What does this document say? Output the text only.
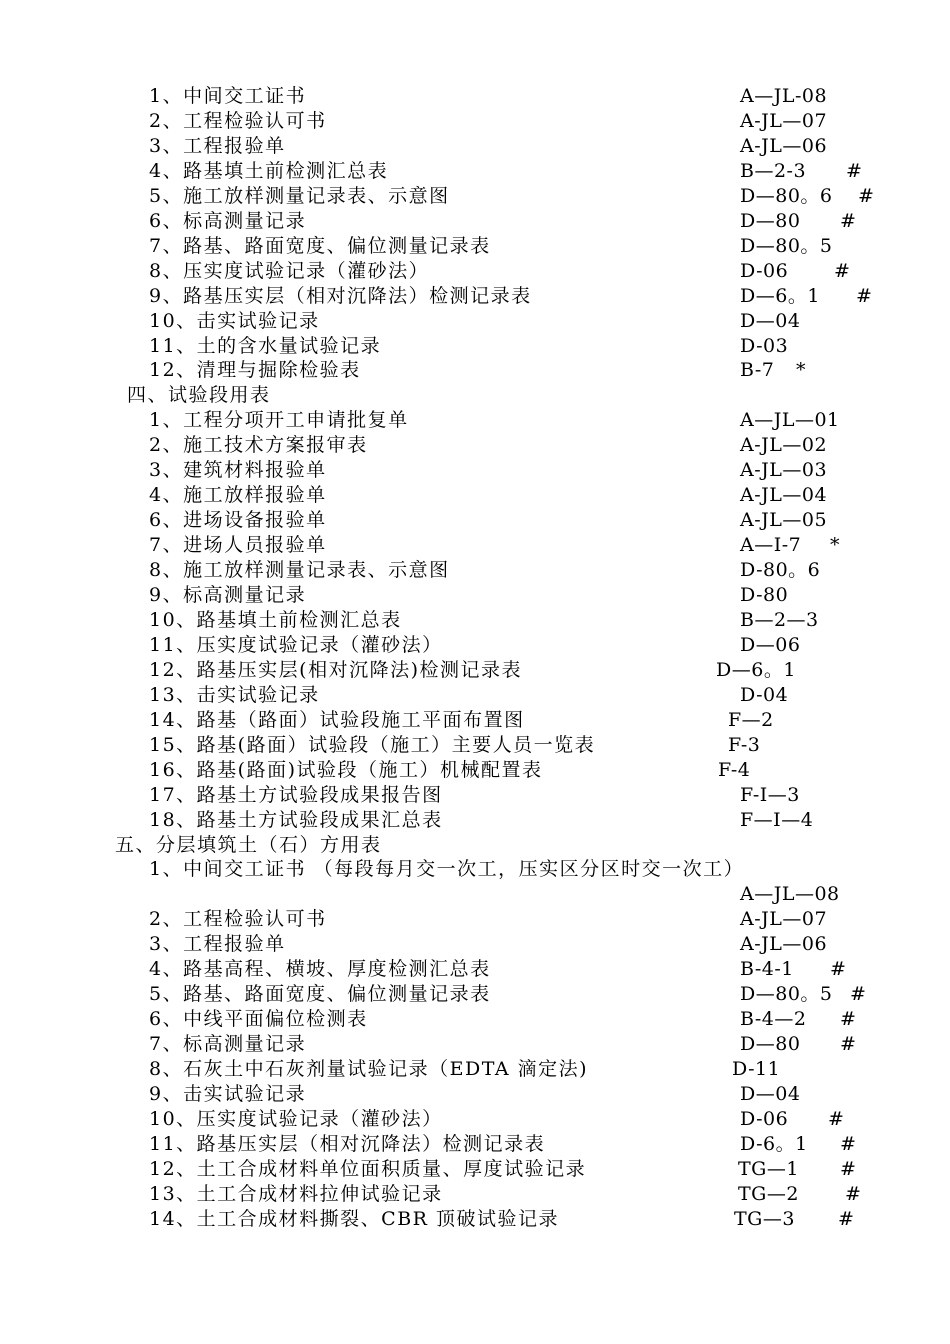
1、中间交工证书	A—JL-08
2、工程检验认可书	A-JL—07
3、工程报验单	A-JL—06
4、路基填土前检测汇总表	B—2-3 #
5、施工放样测量记录表、示意图	D—80。6 #
6、标高测量记录	D—80 #
7、路基、路面宽度、偏位测量记录表	D—80。5
8、压实度试验记录（灌砂法）	D-06 #
9、路基压实层（相对沉降法）检测记录表	D—6。1 #
10、击实试验记录	D—04
11、土的含水量试验记录	D-03
12、清理与掘除检验表	B-7 *
四、试验段用表
1、工程分项开工申请批复单	A—JL—01
2、施工技术方案报审表	A-JL—02
3、建筑材料报验单	A-JL—03
4、施工放样报验单	A-JL—04
6、进场设备报验单	A-JL—05
7、进场人员报验单	A—I-7 *
8、施工放样测量记录表、示意图	D-80。6
9、标高测量记录	D-80
10、路基填土前检测汇总表	B—2—3
11、压实度试验记录（灌砂法）	D—06
12、路基压实层(相对沉降法)检测记录表	D—6。1
13、击实试验记录	D-04
14、路基（路面）试验段施工平面布置图	F—2
15、路基(路面）试验段（施工）主要人员一览表	F-3
16、路基(路面)试验段（施工）机械配置表	F-4
17、路基土方试验段成果报告图	F-I—3
18、路基土方试验段成果汇总表	F—I—4
五、分层填筑土（石）方用表
1、中间交工证书 （每段每月交一次工，压实区分区时交一次工）
A—JL—08
2、工程检验认可书	A-JL—07
3、工程报验单	A-JL—06
4、路基高程、横坡、厚度检测汇总表	B-4-1 #
5、路基、路面宽度、偏位测量记录表	D—80。5 #
6、中线平面偏位检测表	B-4—2 #
7、标高测量记录	D—80 #
8、石灰土中石灰剂量试验记录（EDTA 滴定法)	D-11
9、击实试验记录	D—04
10、压实度试验记录（灌砂法）	D-06 #
11、路基压实层（相对沉降法）检测记录表	D-6。1 #
12、土工合成材料单位面积质量、厚度试验记录	TG—1 #
13、土工合成材料拉伸试验记录	TG—2 #
14、土工合成材料撕裂、CBR 顶破试验记录	TG—3 #
